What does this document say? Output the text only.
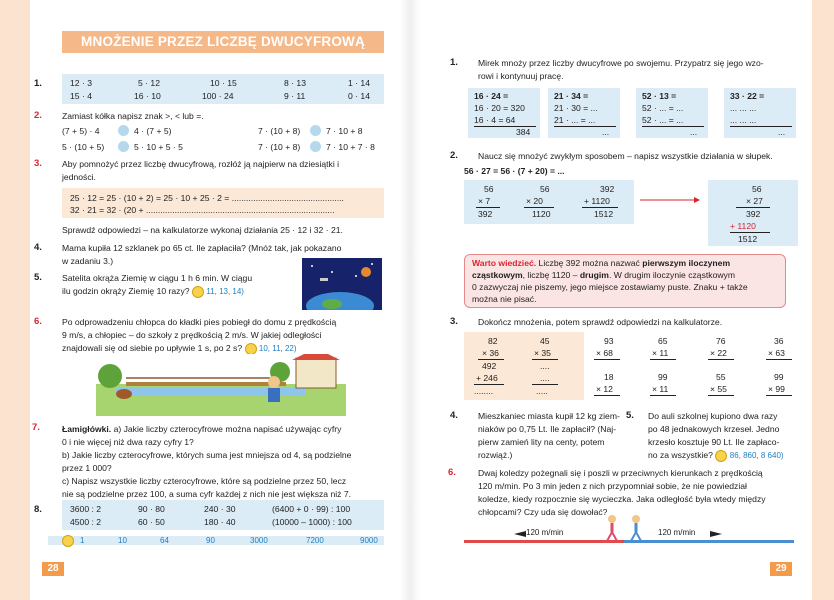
MNOŻENIE PRZEZ LICZBĘ DWUCYFROWĄ
1.	12 · 3	5 · 12	10 · 15	8 · 13	1 · 14
15 · 4	16 · 10	100 · 24	9 · 11	0 · 14
2. Zamiast kółka napisz znak >, < lub =.
(7 + 5) · 4	4 · (7 + 5)	7 · (10 + 8)	7 · 10 + 8
5 · (10 + 5)	5 · 10 + 5 · 5	7 · (10 + 8)	7 · 10 + 7 · 8
3. Aby pomnożyć przez liczbę dwucyfrową, rozłóż ją najpierw na dziesiątki i
jedności.
25 · 12 = 25 · (10 + 2) = 25 · 10 + 25 · 2 = ...............................................
32 · 21 = 32 · (20 + ...............................................................................
Sprawdź odpowiedzi – na kalkulatorze wykonaj działania 25 · 12 i 32 · 21.
4. Mama kupiła 12 szklanek po 65 ct. Ile zapłaciła? (Mnóż tak, jak pokazano
w zadaniu 3.)
5. Satelita okrąża Ziemię w ciągu 1 h 6 min. W ciągu
ilu godzin okrąży Ziemię 10 razy? 11, 13, 14)
6. Po odprowadzeniu chłopca do kładki pies pobiegł do domu z prędkością
9 m/s, a chłopiec – do szkoły z prędkością 2 m/s. W jakiej odległości
znajdowali się od siebie po upływie 1 s, po 2 s? 10, 11, 22)
7.	Łamigłówki. a) Jakie liczby czterocyfrowe można napisać używając cyfry
0 i nie więcej niż dwa razy cyfry 1?
b) Jakie liczby czterocyfrowe, których suma jest mniejsza od 4, są podzielne
przez 1 000?
c) Napisz wszystkie liczby czterocyfrowe, które są podzielne przez 50, lecz
nie są podzielne przez 100, a suma cyfr każdej z nich nie jest większa niż 7.
8.	3600 : 2	90 · 80	240 · 30	(6400 + 0 · 99) : 100
4500 : 2	60 · 50	180 · 40	(10000 – 1000) : 100
1	10	64	90	3000	7200	9000
28
1. Mirek mnoży przez liczby dwucyfrowe po swojemu. Przypatrz się jego wzo-
rowi i kontynuuj pracę.
16 · 24 =
16 · 20 = 320
16 · 4 = 64
384
21 · 34 =
21 · 30 = ...
21 · ... = ...
...
52 · 13 =
52 · ... = ...
52 · ... = ...
...
33 · 22 =
... ... ...
... ... ...
...
2. Naucz się mnożyć zwykłym sposobem – napisz wszystkie działania w słupek.
56 · 27 = 56 · (7 + 20) = ...
56
× 7
392
56
× 20
1120
392
+ 1120
1512
56
× 27
392
+ 1120
1512
Warto wiedzieć. Liczbę 392 można nazwać pierwszym iloczynem
cząstkowym, liczbę 1120 – drugim. W drugim iloczynie cząstkowym
0 zazwyczaj nie piszemy, jego miejsce zostawiamy puste. Znaku + także
można nie pisać.
3. Dokończ mnożenia, potem sprawdź odpowiedzi na kalkulatorze.
82
× 36
492
+ 246
........
45
× 35
....
....
.....
93
× 68
18
× 12
65
× 11
99
× 11
76
× 22
55
× 55
36
× 63
99
× 99
4. Mieszkaniec miasta kupił 12 kg ziem-
niaków po 0,75 Lt. Ile zapłacił? (Naj-
pierw zamień lity na centy, potem
rozwiąż.)
5. Do auli szkolnej kupiono dwa razy
po 48 jednakowych krzeseł. Jedno
krzesło kosztuje 90 Lt. Ile zapłaco-
no za wszystkie? 86, 860, 8 640)
6.	Dwaj koledzy pożegnali się i poszli w przeciwnych kierunkach z prędkością
120 m/min. Po 3 min jeden z nich przypomniał sobie, że nie powiedział
koledze, kiedy rozpocznie się wycieczka. Jaka odległość była wtedy między
chłopcami? Czy uda się dowołać?
120 m/min	120 m/min
29
